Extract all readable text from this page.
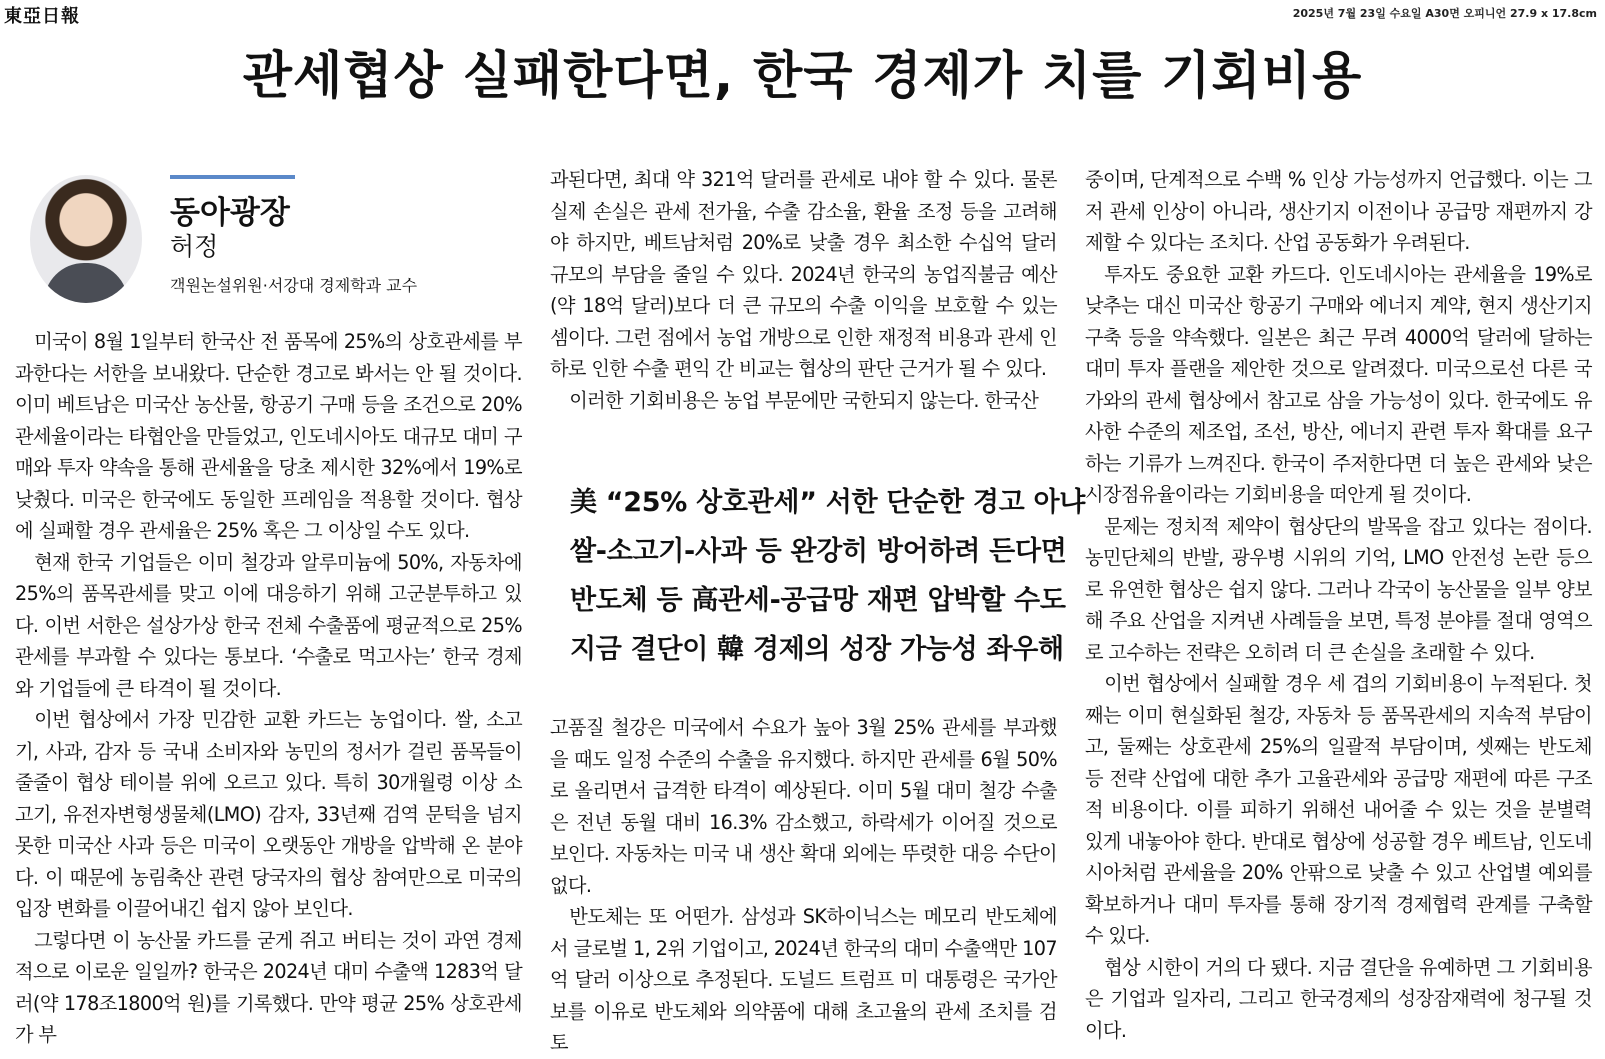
東亞日報	2025년 7월 23일 수요일 A30면 오피니언 27.9 x 17.8cm
관세협상 실패한다면, 한국 경제가 치를 기회비용
동아광장

허정

객원논설위원·서강대 경제학과 교수

미국이 8월 1일부터 한국산 전 품목에 25%의 상호관세를 부과한다는 서한을 보내왔다. 단순한 경고로 봐서는 안 될 것이다. 이미 베트남은 미국산 농산물, 항공기 구매 등을 조건으로 20% 관세율이라는 타협안을 만들었고, 인도네시아도 대규모 대미 구매와 투자 약속을 통해 관세율을 당초 제시한 32%에서 19%로 낮췄다. 미국은 한국에도 동일한 프레임을 적용할 것이다. 협상에 실패할 경우 관세율은 25% 혹은 그 이상일 수도 있다.

현재 한국 기업들은 이미 철강과 알루미늄에 50%, 자동차에 25%의 품목관세를 맞고 이에 대응하기 위해 고군분투하고 있다. 이번 서한은 설상가상 한국 전체 수출품에 평균적으로 25% 관세를 부과할 수 있다는 통보다. ‘수출로 먹고사는’ 한국 경제와 기업들에 큰 타격이 될 것이다.

이번 협상에서 가장 민감한 교환 카드는 농업이다. 쌀, 소고기, 사과, 감자 등 국내 소비자와 농민의 정서가 걸린 품목들이 줄줄이 협상 테이블 위에 오르고 있다. 특히 30개월령 이상 소고기, 유전자변형생물체(LMO) 감자, 33년째 검역 문턱을 넘지 못한 미국산 사과 등은 미국이 오랫동안 개방을 압박해 온 분야다. 이 때문에 농림축산 관련 당국자의 협상 참여만으로 미국의 입장 변화를 이끌어내긴 쉽지 않아 보인다.

그렇다면 이 농산물 카드를 굳게 쥐고 버티는 것이 과연 경제적으로 이로운 일일까? 한국은 2024년 대미 수출액 1283억 달러(약 178조1800억 원)를 기록했다. 만약 평균 25% 상호관세가 부

과된다면, 최대 약 321억 달러를 관세로 내야 할 수 있다. 물론 실제 손실은 관세 전가율, 수출 감소율, 환율 조정 등을 고려해야 하지만, 베트남처럼 20%로 낮출 경우 최소한 수십억 달러 규모의 부담을 줄일 수 있다. 2024년 한국의 농업직불금 예산(약 18억 달러)보다 더 큰 규모의 수출 이익을 보호할 수 있는 셈이다. 그런 점에서 농업 개방으로 인한 재정적 비용과 관세 인하로 인한 수출 편익 간 비교는 협상의 판단 근거가 될 수 있다.

이러한 기회비용은 농업 부문에만 국한되지 않는다. 한국산

美 “25% 상호관세” 서한 단순한 경고 아냐
쌀-소고기-사과 등 완강히 방어하려 든다면
반도체 등 高관세-공급망 재편 압박할 수도
지금 결단이 韓 경제의 성장 가능성 좌우해

고품질 철강은 미국에서 수요가 높아 3월 25% 관세를 부과했을 때도 일정 수준의 수출을 유지했다. 하지만 관세를 6월 50%로 올리면서 급격한 타격이 예상된다. 이미 5월 대미 철강 수출은 전년 동월 대비 16.3% 감소했고, 하락세가 이어질 것으로 보인다. 자동차는 미국 내 생산 확대 외에는 뚜렷한 대응 수단이 없다.

반도체는 또 어떤가. 삼성과 SK하이닉스는 메모리 반도체에서 글로벌 1, 2위 기업이고, 2024년 한국의 대미 수출액만 107억 달러 이상으로 추정된다. 도널드 트럼프 미 대통령은 국가안보를 이유로 반도체와 의약품에 대해 초고율의 관세 조치를 검토

중이며, 단계적으로 수백 % 인상 가능성까지 언급했다. 이는 그저 관세 인상이 아니라, 생산기지 이전이나 공급망 재편까지 강제할 수 있다는 조치다. 산업 공동화가 우려된다.

투자도 중요한 교환 카드다. 인도네시아는 관세율을 19%로 낮추는 대신 미국산 항공기 구매와 에너지 계약, 현지 생산기지 구축 등을 약속했다. 일본은 최근 무려 4000억 달러에 달하는 대미 투자 플랜을 제안한 것으로 알려졌다. 미국으로선 다른 국가와의 관세 협상에서 참고로 삼을 가능성이 있다. 한국에도 유사한 수준의 제조업, 조선, 방산, 에너지 관련 투자 확대를 요구하는 기류가 느껴진다. 한국이 주저한다면 더 높은 관세와 낮은 시장점유율이라는 기회비용을 떠안게 될 것이다.

문제는 정치적 제약이 협상단의 발목을 잡고 있다는 점이다. 농민단체의 반발, 광우병 시위의 기억, LMO 안전성 논란 등으로 유연한 협상은 쉽지 않다. 그러나 각국이 농산물을 일부 양보해 주요 산업을 지켜낸 사례들을 보면, 특정 분야를 절대 영역으로 고수하는 전략은 오히려 더 큰 손실을 초래할 수 있다.

이번 협상에서 실패할 경우 세 겹의 기회비용이 누적된다. 첫째는 이미 현실화된 철강, 자동차 등 품목관세의 지속적 부담이고, 둘째는 상호관세 25%의 일괄적 부담이며, 셋째는 반도체 등 전략 산업에 대한 추가 고율관세와 공급망 재편에 따른 구조적 비용이다. 이를 피하기 위해선 내어줄 수 있는 것을 분별력 있게 내놓아야 한다. 반대로 협상에 성공할 경우 베트남, 인도네시아처럼 관세율을 20% 안팎으로 낮출 수 있고 산업별 예외를 확보하거나 대미 투자를 통해 장기적 경제협력 관계를 구축할 수 있다.

협상 시한이 거의 다 됐다. 지금 결단을 유예하면 그 기회비용은 기업과 일자리, 그리고 한국경제의 성장잠재력에 청구될 것이다.
